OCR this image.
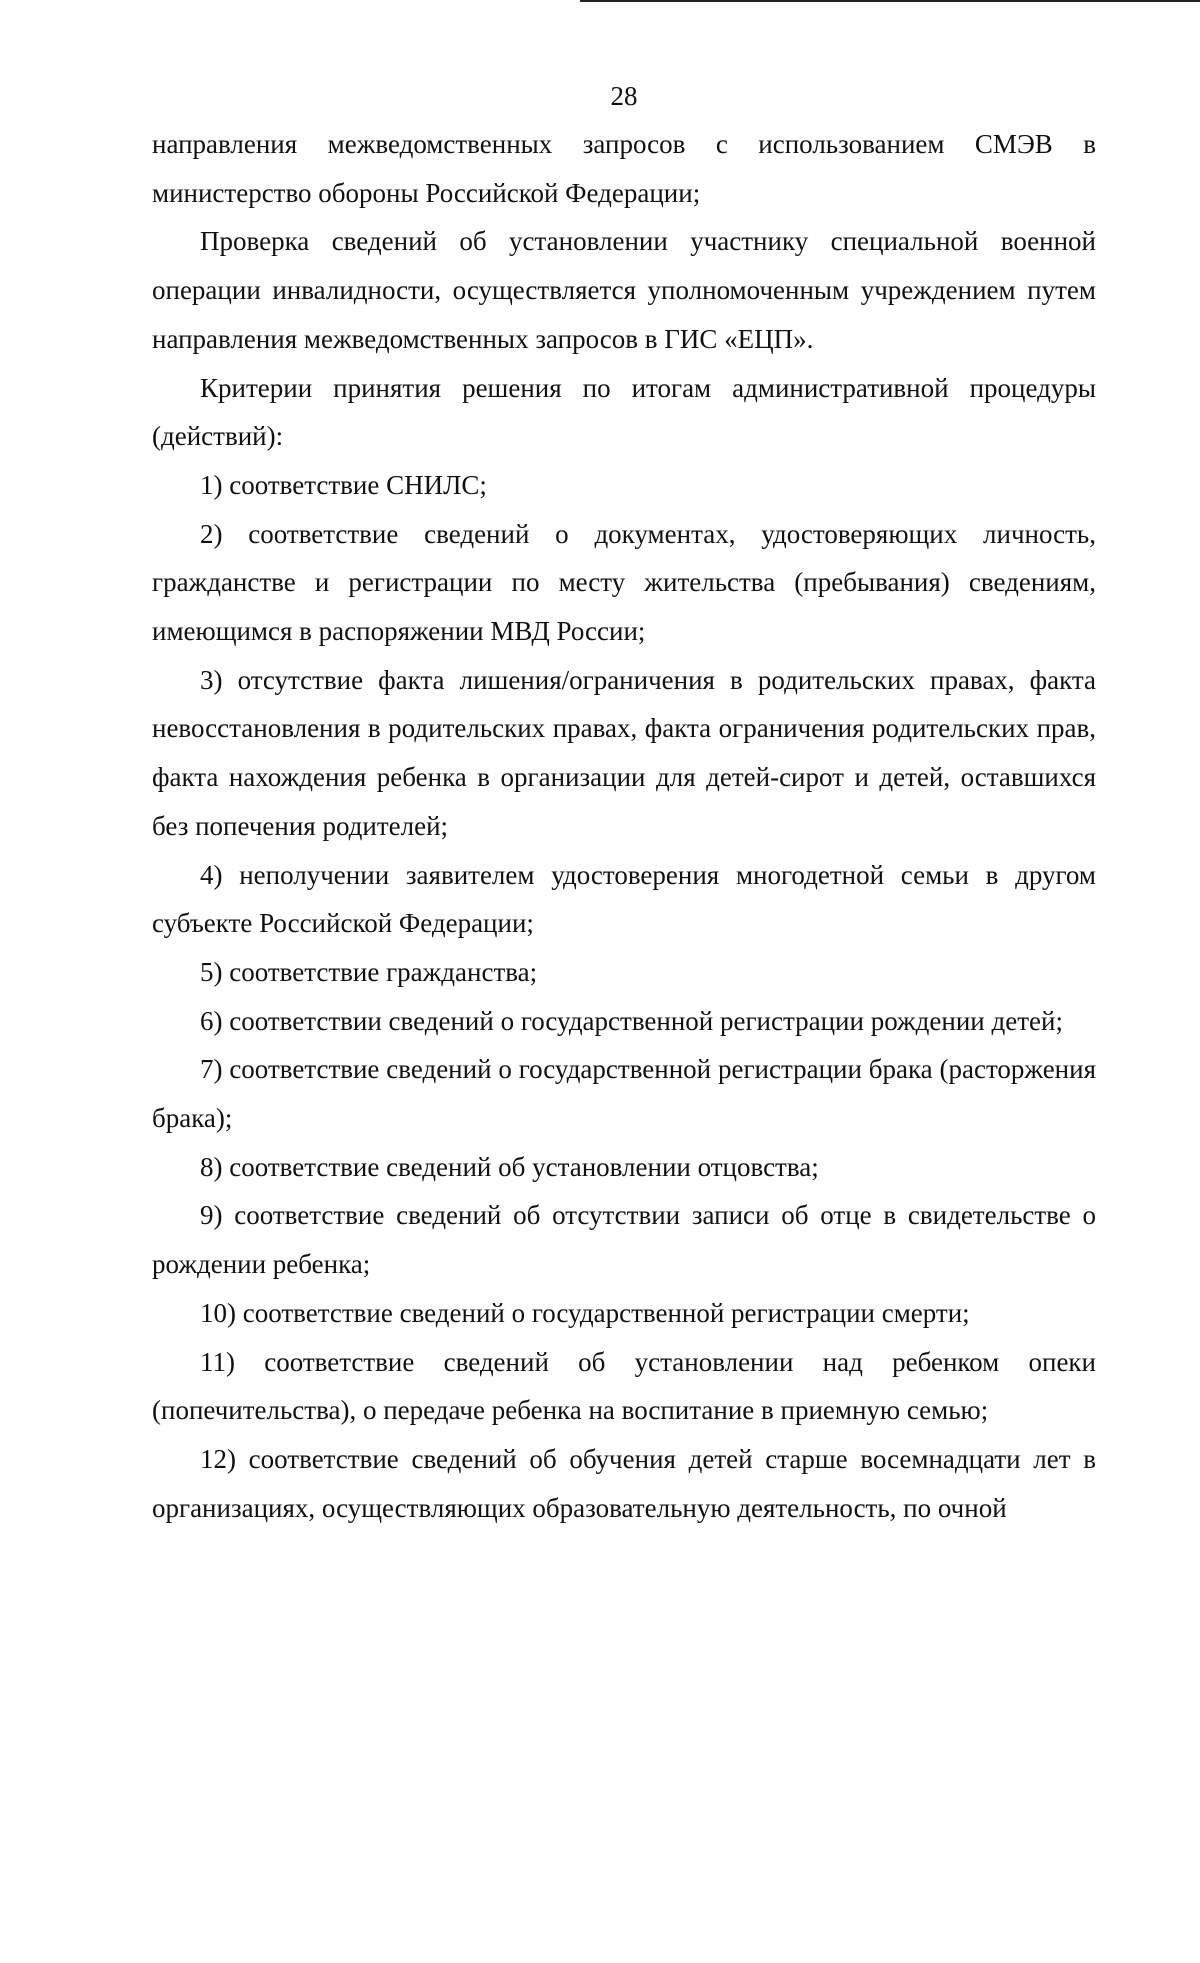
28

направления межведомственных запросов с использованием СМЭВ в министерство обороны Российской Федерации;

Проверка сведений об установлении участнику специальной военной операции инвалидности, осуществляется уполномоченным учреждением путем направления межведомственных запросов в ГИС «ЕЦП».

Критерии принятия решения по итогам административной процедуры (действий):

1) соответствие СНИЛС;

2) соответствие сведений о документах, удостоверяющих личность, гражданстве и регистрации по месту жительства (пребывания) сведениям, имеющимся в распоряжении МВД России;

3) отсутствие факта лишения/ограничения в родительских правах, факта невосстановления в родительских правах, факта ограничения родительских прав, факта нахождения ребенка в организации для детей-сирот и детей, оставшихся без попечения родителей;

4) неполучении заявителем удостоверения многодетной семьи в другом субъекте Российской Федерации;

5) соответствие гражданства;

6) соответствии сведений о государственной регистрации рождении детей;

7) соответствие сведений о государственной регистрации брака (расторжения брака);

8) соответствие сведений об установлении отцовства;

9) соответствие сведений об отсутствии записи об отце в свидетельстве о рождении ребенка;

10) соответствие сведений о государственной регистрации смерти;

11) соответствие сведений об установлении над ребенком опеки (попечительства), о передаче ребенка на воспитание в приемную семью;

12) соответствие сведений об обучения детей старше восемнадцати лет в организациях, осуществляющих образовательную деятельность, по очной
